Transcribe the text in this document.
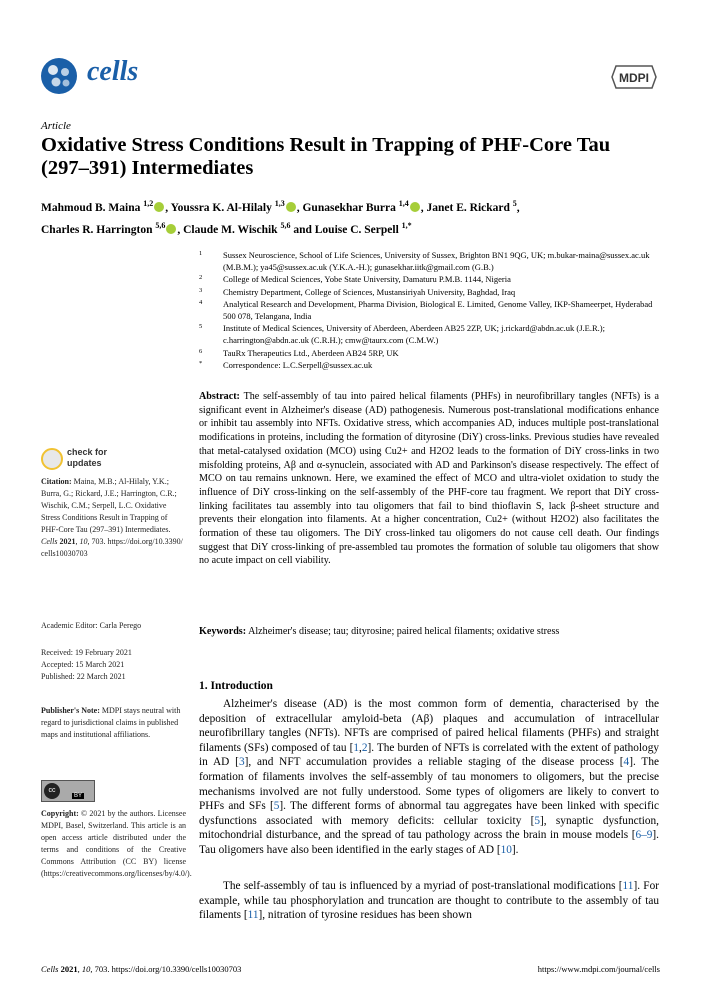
cells	MDPI
Article
Oxidative Stress Conditions Result in Trapping of PHF-Core Tau (297–391) Intermediates
Mahmoud B. Maina $^{1,2}$ , Youssra K. Al-Hilaly $^{1,3}$ , Gunasekhar Burra $^{1,4}$ , Janet E. Rickard $^5$,
Charles R. Harrington $^{5,6}$ , Claude M. Wischik $^{5,6}$ and Louise C. Serpell $^{1,*}$
1 Sussex Neuroscience, School of Life Sciences, University of Sussex, Brighton BN1 9QG, UK; m.bukar-maina@sussex.ac.uk (M.B.M.); ya45@sussex.ac.uk (Y.K.A.-H.); gunasekhar.iitk@gmail.com (G.B.)
2 College of Medical Sciences, Yobe State University, Damaturu P.M.B. 1144, Nigeria
3 Chemistry Department, College of Sciences, Mustansiriyah University, Baghdad, Iraq
4 Analytical Research and Development, Pharma Division, Biological E. Limited, Genome Valley, IKP-Shameerpet, Hyderabad 500 078, Telangana, India
5 Institute of Medical Sciences, University of Aberdeen, Aberdeen AB25 2ZP, UK; j.rickard@abdn.ac.uk (J.E.R.); c.harrington@abdn.ac.uk (C.R.H.); cmw@taurx.com (C.M.W.)
6 TauRx Therapeutics Ltd., Aberdeen AB24 5RP, UK
* Correspondence: L.C.Serpell@sussex.ac.uk
check for
updates
Citation: Maina, M.B.; Al-Hilaly, Y.K.; Burra, G.; Rickard, J.E.; Harrington, C.R.; Wischik, C.M.; Serpell, L.C. Oxidative Stress Conditions Result in Trapping of PHF-Core Tau (297–391) Intermediates. Cells 2021, 10, 703. https://doi.org/10.3390/cells10030703
Academic Editor: Carla Perego
Received: 19 February 2021
Accepted: 15 March 2021
Published: 22 March 2021
Publisher's Note: MDPI stays neutral with regard to jurisdictional claims in published maps and institutional affiliations.
cc
BY
Copyright: © 2021 by the authors. Licensee MDPI, Basel, Switzerland. This article is an open access article distributed under the terms and conditions of the Creative Commons Attribution (CC BY) license (https://creativecommons.org/licenses/by/4.0/).
Abstract: The self-assembly of tau into paired helical filaments (PHFs) in neurofibrillary tangles (NFTs) is a significant event in Alzheimer's disease (AD) pathogenesis. Numerous post-translational modifications enhance or inhibit tau assembly into NFTs. Oxidative stress, which accompanies AD, induces multiple post-translational modifications in proteins, including the formation of dityrosine (DiY) cross-links. Previous studies have revealed that metal-catalysed oxidation (MCO) using Cu2+ and H2O2 leads to the formation of DiY cross-links in two misfolding proteins, Aβ and α-synuclein, associated with AD and Parkinson's disease respectively. The effect of MCO on tau remains unknown. Here, we examined the effect of MCO and ultra-violet oxidation to study the influence of DiY cross-linking on the self-assembly of the PHF-core tau fragment. We report that DiY cross-linking facilitates tau assembly into tau oligomers that fail to bind thioflavin S, lack β-sheet structure and prevents their elongation into filaments. At a higher concentration, Cu2+ (without H2O2) also facilitates the formation of these tau oligomers. The DiY cross-linked tau oligomers do not cause cell death. Our findings suggest that DiY cross-linking of pre-assembled tau promotes the formation of soluble tau oligomers that show no acute impact on cell viability.
Keywords: Alzheimer's disease; tau; dityrosine; paired helical filaments; oxidative stress
1. Introduction
Alzheimer's disease (AD) is the most common form of dementia, characterised by the deposition of extracellular amyloid-beta (Aβ) plaques and accumulation of intracellular neurofibrillary tangles (NFTs). NFTs are comprised of paired helical filaments (PHFs) and straight filaments (SFs) composed of tau [1,2]. The burden of NFTs is correlated with the extent of pathology in AD [3], and NFT accumulation provides a reliable staging of the disease process [4]. The formation of filaments involves the self-assembly of tau monomers to oligomers, but the precise mechanisms involved are not fully understood. Some types of oligomers are likely to convert to PHFs and SFs [5]. The different forms of abnormal tau aggregates have been linked with specific dysfunctions associated with memory deficits: cellular toxicity [5], synaptic dysfunction, mitochondrial disturbance, and the spread of tau pathology across the brain in mouse models [6–9]. Tau oligomers have also been identified in the early stages of AD [10].
The self-assembly of tau is influenced by a myriad of post-translational modifications [11]. For example, while tau phosphorylation and truncation are thought to contribute to the assembly of tau filaments [11], nitration of tyrosine residues has been shown
Cells 2021, 10, 703. https://doi.org/10.3390/cells10030703	https://www.mdpi.com/journal/cells
